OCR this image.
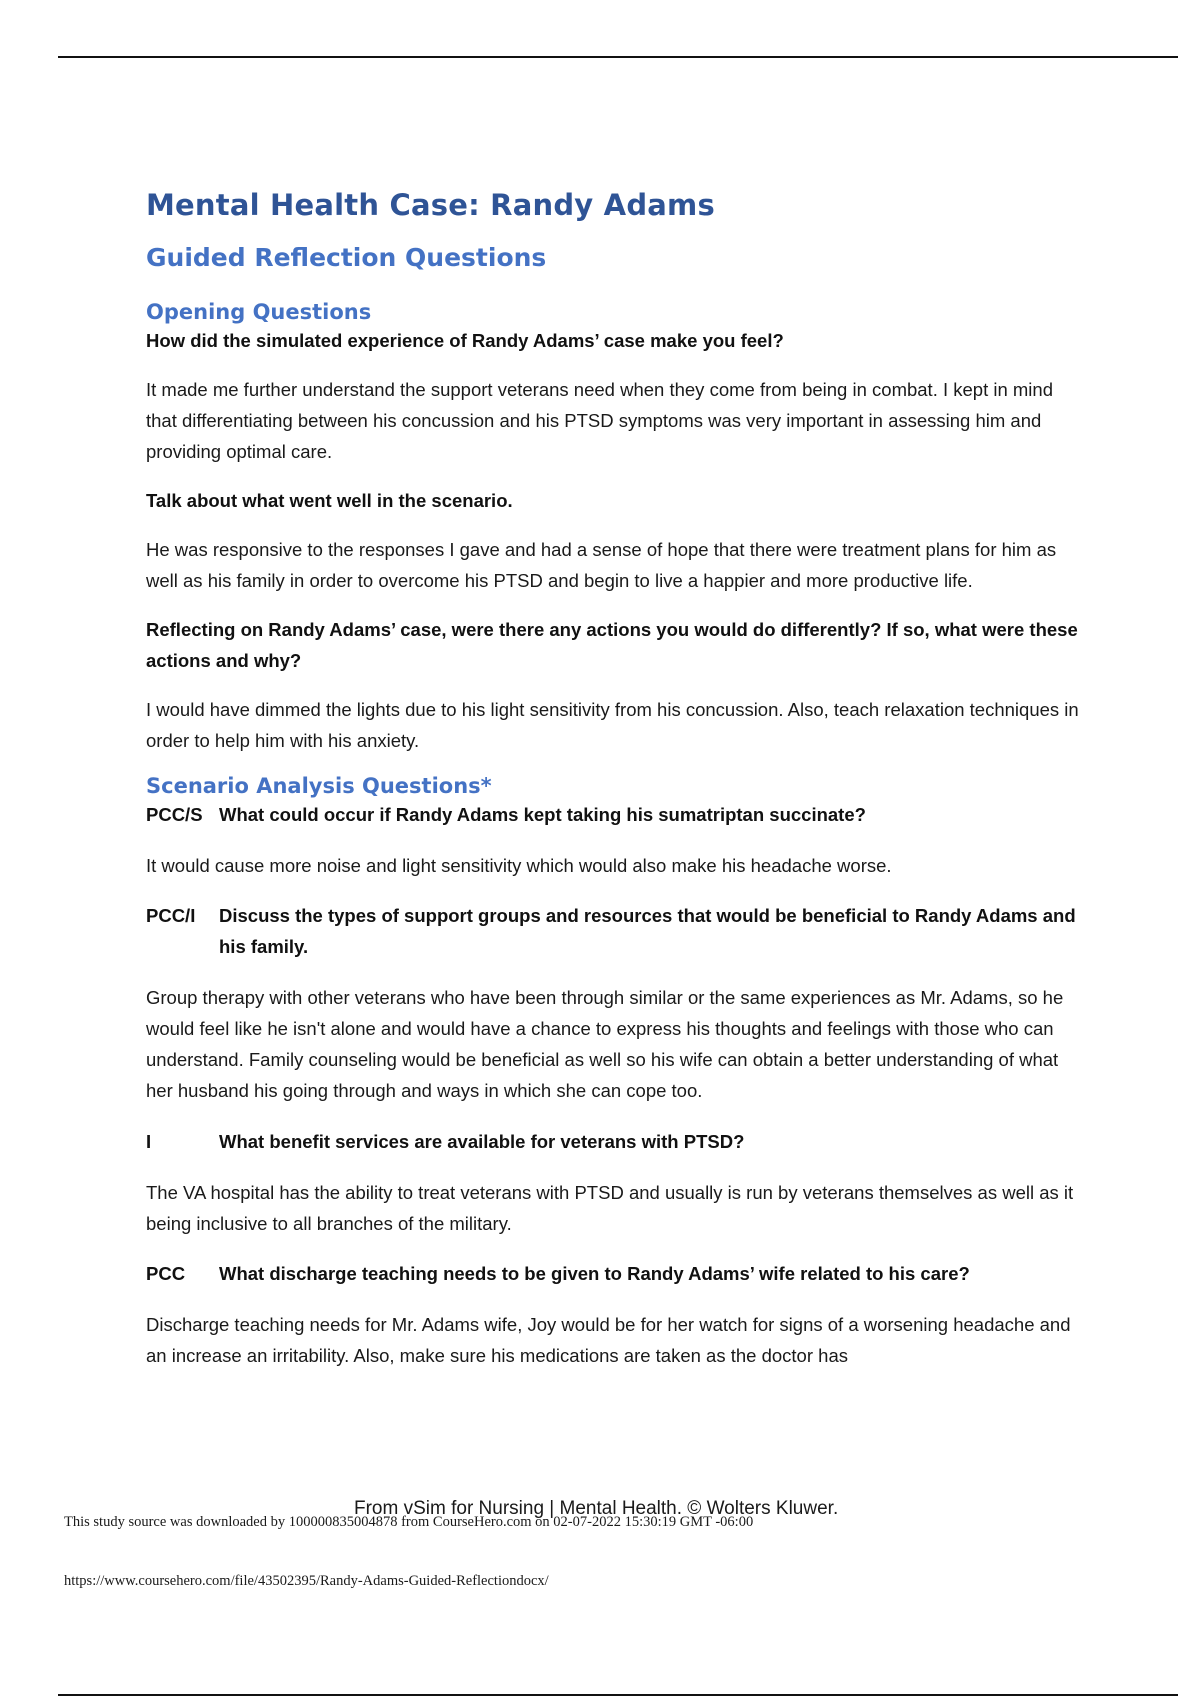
Mental Health Case: Randy Adams
Guided Reflection Questions
Opening Questions

How did the simulated experience of Randy Adams’ case make you feel?

It made me further understand the support veterans need when they come from being in combat. I kept in mind that differentiating between his concussion and his PTSD symptoms was very important in assessing him and providing optimal care.

Talk about what went well in the scenario.

He was responsive to the responses I gave and had a sense of hope that there were treatment plans for him as well as his family in order to overcome his PTSD and begin to live a happier and more productive life.

Reflecting on Randy Adams’ case, were there any actions you would do differently? If so, what were these actions and why?

I would have dimmed the lights due to his light sensitivity from his concussion. Also, teach relaxation techniques in order to help him with his anxiety.

Scenario Analysis Questions*
PCC/S What could occur if Randy Adams kept taking his sumatriptan succinate?

It would cause more noise and light sensitivity which would also make his headache worse.

PCC/I	Discuss the types of support groups and resources that would be beneficial to Randy Adams and his family.

Group therapy with other veterans who have been through similar or the same experiences as Mr. Adams, so he would feel like he isn't alone and would have a chance to express his thoughts and feelings with those who can understand. Family counseling would be beneficial as well so his wife can obtain a better understanding of what her husband his going through and ways in which she can cope too.

I	What benefit services are available for veterans with PTSD?

The VA hospital has the ability to treat veterans with PTSD and usually is run by veterans themselves as well as it being inclusive to all branches of the military.

PCC	What discharge teaching needs to be given to Randy Adams’ wife related to his care?

Discharge teaching needs for Mr. Adams wife, Joy would be for her watch for signs of a worsening headache and an increase an irritability. Also, make sure his medications are taken as the doctor has

From vSim for Nursing | Mental Health. © Wolters Kluwer.
This study source was downloaded by 100000835004878 from CourseHero.com on 02-07-2022 15:30:19 GMT -06:00
https://www.coursehero.com/file/43502395/Randy-Adams-Guided-Reflectiondocx/
